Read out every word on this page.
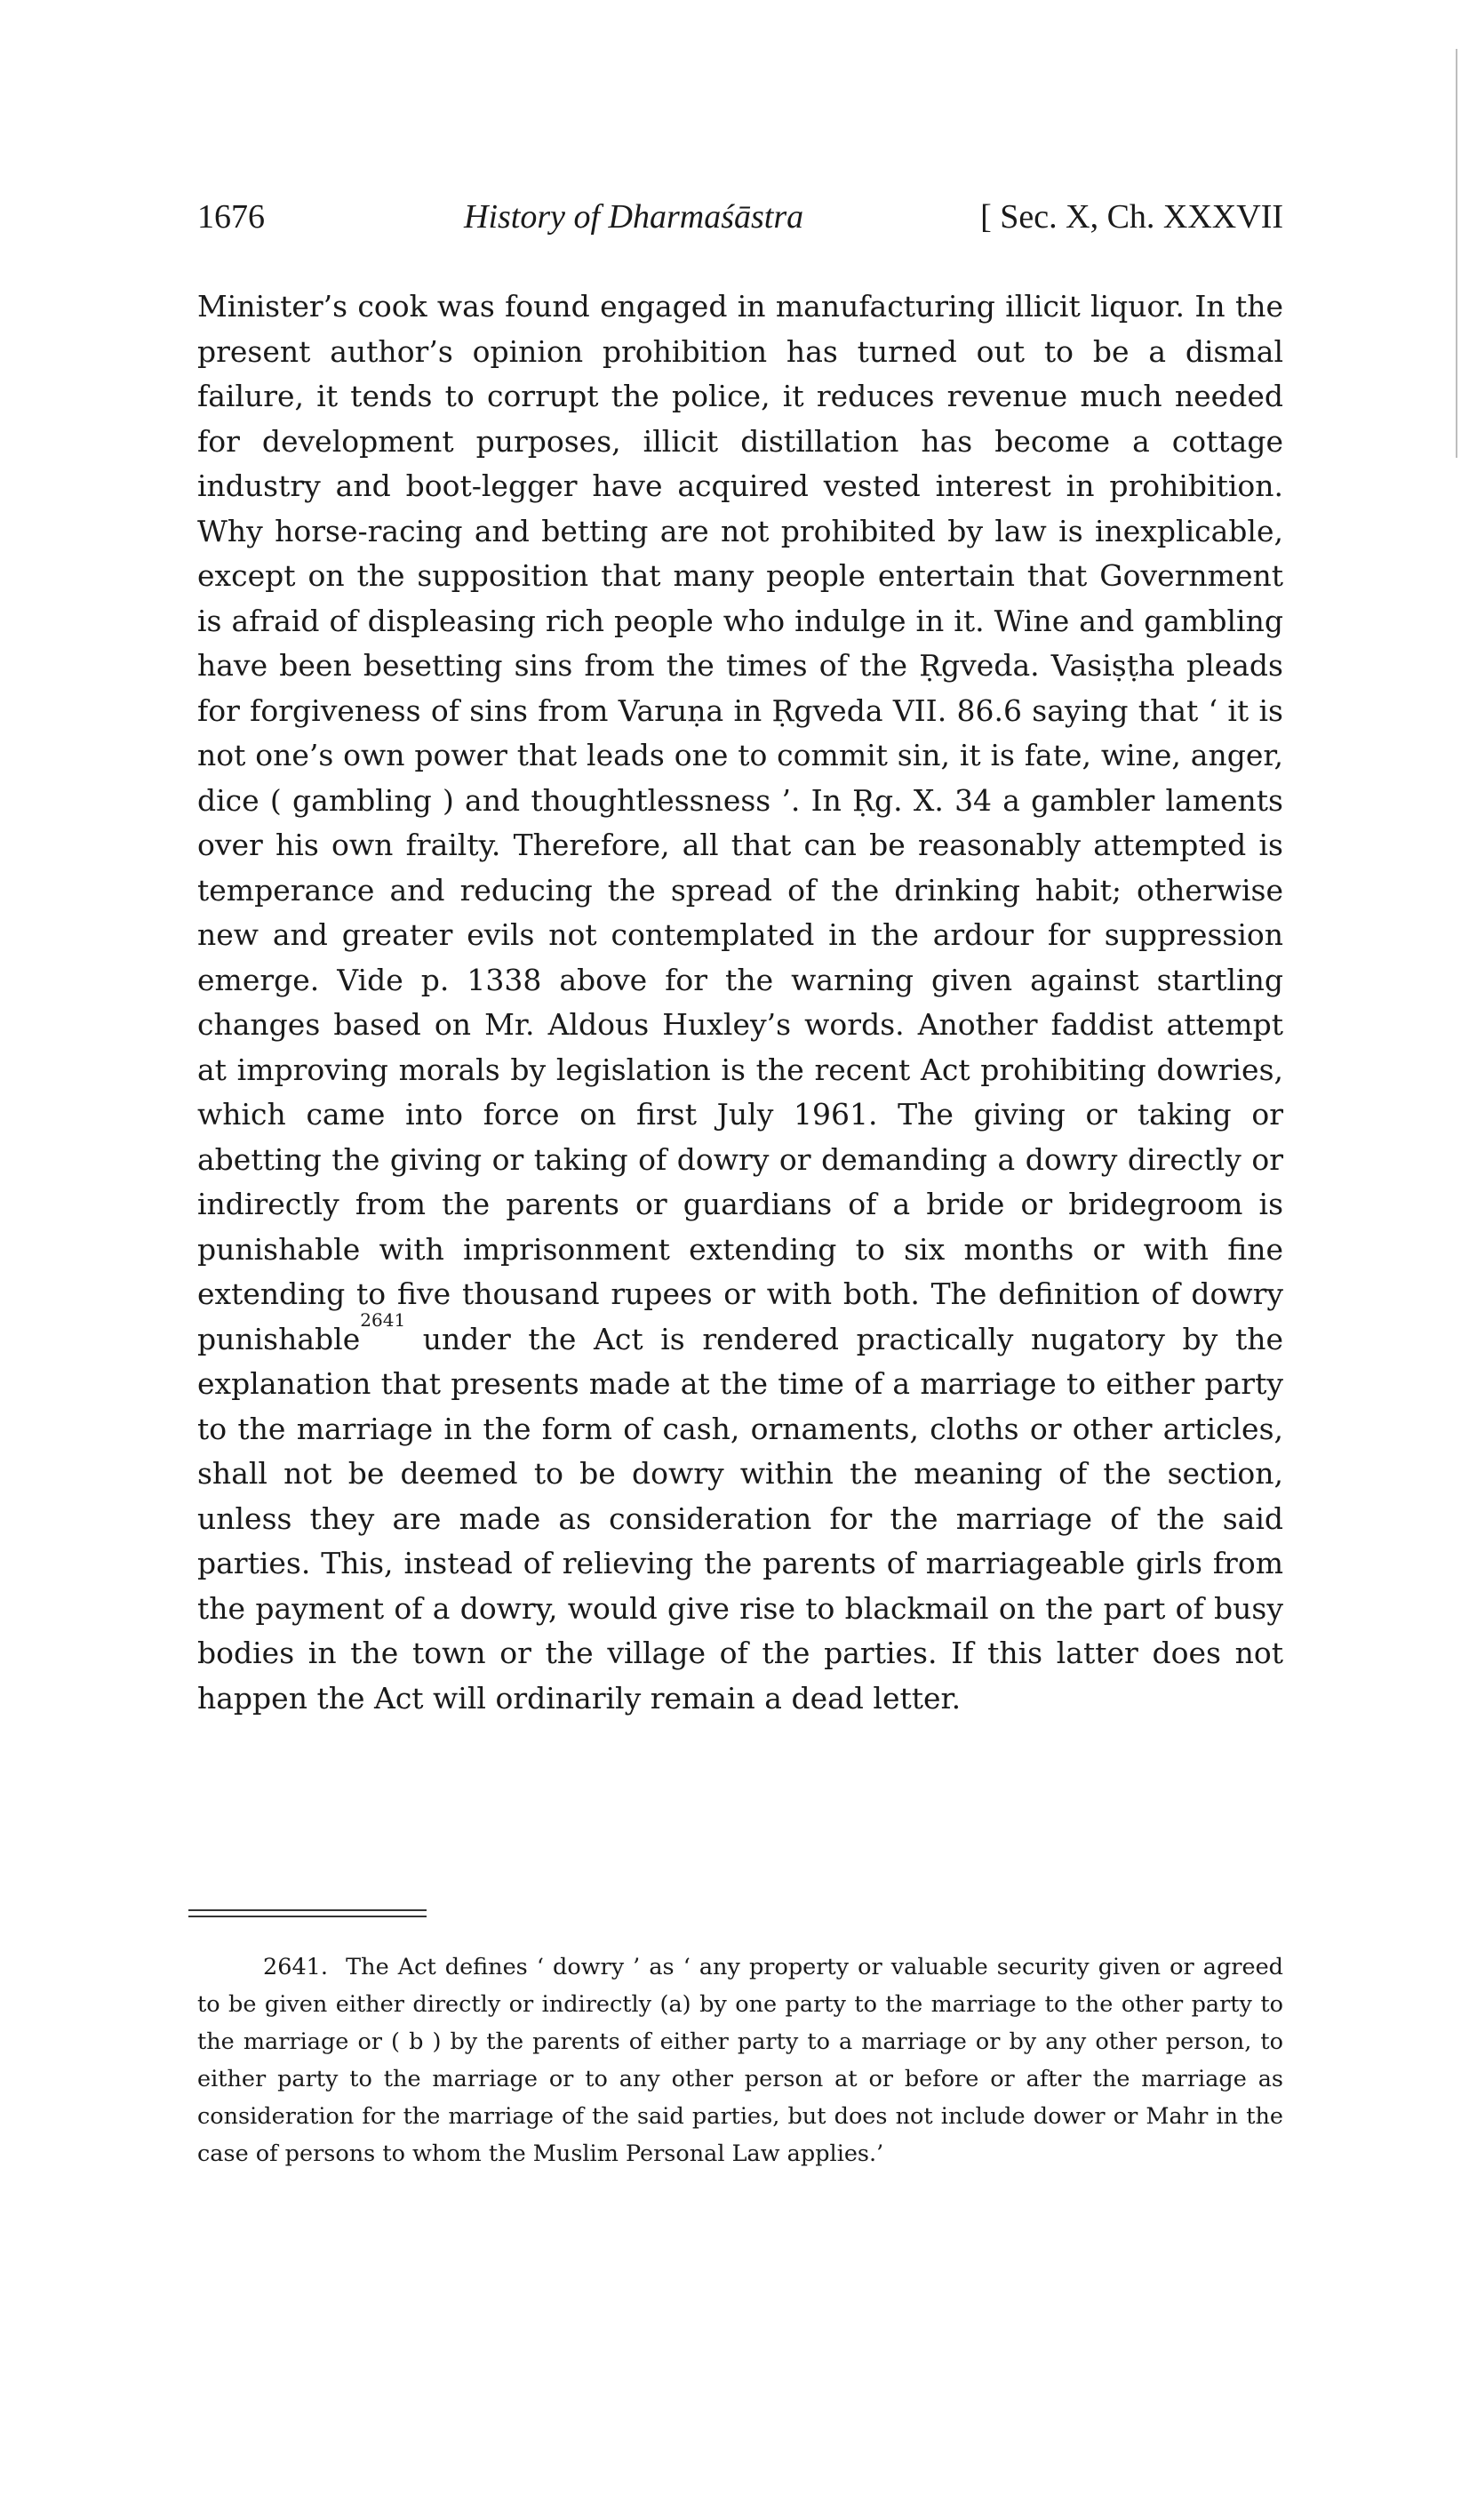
1676	History of Dharmaśāstra	[ Sec. X, Ch. XXXVII

Minister’s cook was found engaged in manufacturing illicit liquor. In the present author’s opinion prohibition has turned out to be a dismal failure, it tends to corrupt the police, it reduces revenue much needed for development purposes, illicit distillation has become a cottage industry and boot-legger have acquired vested interest in prohibition. Why horse-racing and betting are not prohibited by law is inexplicable, except on the supposition that many people entertain that Government is afraid of displeasing rich people who indulge in it. Wine and gambling have been besetting sins from the times of the Ṛgveda. Vasiṣṭha pleads for forgiveness of sins from Varuṇa in Ṛgveda VII. 86.6 saying that ‘ it is not one’s own power that leads one to commit sin, it is fate, wine, anger, dice ( gambling ) and thoughtlessness ’. In Ṛg. X. 34 a gambler laments over his own frailty. Therefore, all that can be reasonably attempted is temperance and reducing the spread of the drinking habit; otherwise new and greater evils not contemplated in the ardour for suppression emerge. Vide p. 1338 above for the warning given against startling changes based on Mr. Aldous Huxley’s words. Another faddist attempt at improving morals by legislation is the recent Act prohibiting dowries, which came into force on first July 1961. The giving or taking or abetting the giving or taking of dowry or demanding a dowry directly or indirectly from the parents or guardians of a bride or bridegroom is punishable with imprisonment extending to six months or with fine extending to five thousand rupees or with both. The definition of dowry punishable$^{2641}$ under the Act is rendered practically nugatory by the explanation that presents made at the time of a marriage to either party to the marriage in the form of cash, ornaments, cloths or other articles, shall not be deemed to be dowry within the meaning of the section, unless they are made as consideration for the marriage of the said parties. This, instead of relieving the parents of marriageable girls from the payment of a dowry, would give rise to blackmail on the part of busy bodies in the town or the village of the parties. If this latter does not happen the Act will ordinarily remain a dead letter.

2641. The Act defines ‘ dowry ’ as ‘ any property or valuable security given or agreed to be given either directly or indirectly (a) by one party to the marriage to the other party to the marriage or ( b ) by the parents of either party to a marriage or by any other person, to either party to the marriage or to any other person at or before or after the marriage as consideration for the marriage of the said parties, but does not include dower or Mahr in the case of persons to whom the Muslim Personal Law applies.’
